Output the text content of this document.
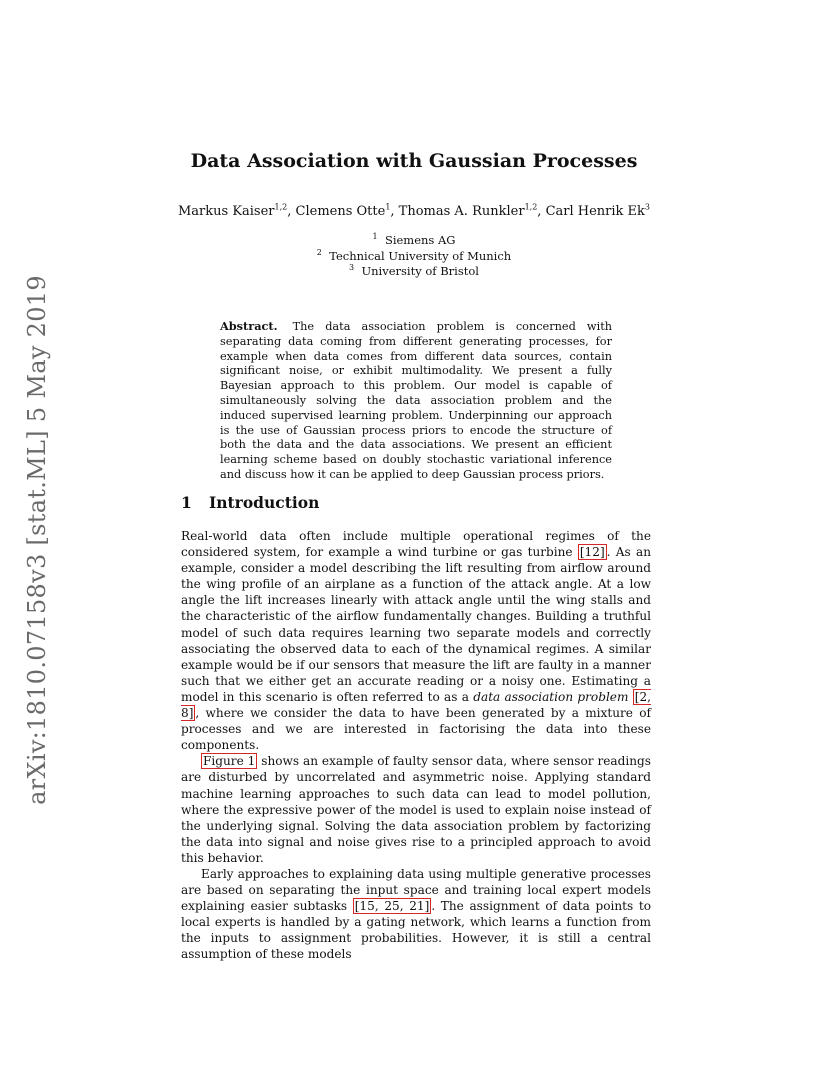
arXiv:1810.07158v3 [stat.ML] 5 May 2019
Data Association with Gaussian Processes
Markus Kaiser$^{1,2}$, Clemens Otte$^1$, Thomas A. Runkler$^{1,2}$, Carl Henrik Ek$^3$
$^1$ Siemens AG
$^2$ Technical University of Munich
$^3$ University of Bristol
Abstract. The data association problem is concerned with separating data coming from different generating processes, for example when data comes from different data sources, contain significant noise, or exhibit multimodality. We present a fully Bayesian approach to this problem. Our model is capable of simultaneously solving the data association problem and the induced supervised learning problem. Underpinning our approach is the use of Gaussian process priors to encode the structure of both the data and the data associations. We present an efficient learning scheme based on doubly stochastic variational inference and discuss how it can be applied to deep Gaussian process priors.
1 Introduction

Real-world data often include multiple operational regimes of the considered system, for example a wind turbine or gas turbine [12] . As an example, consider a model describing the lift resulting from airflow around the wing profile of an airplane as a function of the attack angle. At a low angle the lift increases linearly with attack angle until the wing stalls and the characteristic of the airflow fundamentally changes. Building a truthful model of such data requires learning two separate models and correctly associating the observed data to each of the dynamical regimes. A similar example would be if our sensors that measure the lift are faulty in a manner such that we either get an accurate reading or a noisy one. Estimating a model in this scenario is often referred to as a data association problem [2, 8] , where we consider the data to have been generated by a mixture of processes and we are interested in factorising the data into these components.

Figure 1 shows an example of faulty sensor data, where sensor readings are disturbed by uncorrelated and asymmetric noise. Applying standard machine learning approaches to such data can lead to model pollution, where the expressive power of the model is used to explain noise instead of the underlying signal. Solving the data association problem by factorizing the data into signal and noise gives rise to a principled approach to avoid this behavior.

Early approaches to explaining data using multiple generative processes are based on separating the input space and training local expert models explaining easier subtasks [15, 25, 21] . The assignment of data points to local experts is handled by a gating network, which learns a function from the inputs to assignment probabilities. However, it is still a central assumption of these models
